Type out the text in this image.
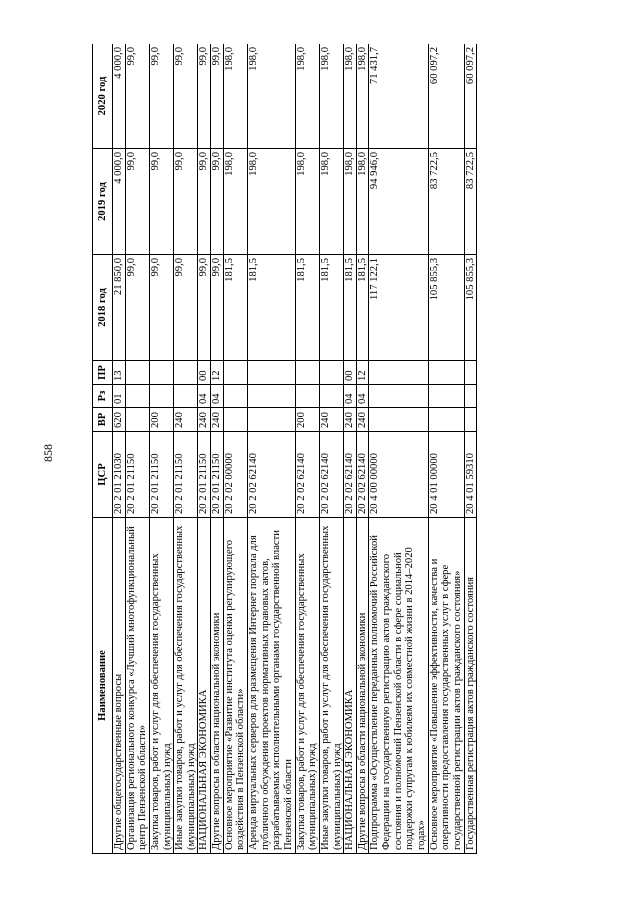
858
Наименование	ЦСР	ВР	Рз	ПР	2018 год	2019 год	2020 год
Другие общегосударственные вопросы	20 2 01 21030	620	01	13	21 850,0	4 000,0	4 000,0
Организация регионального конкурса «Лучший многофункциональный центр Пензенской области»	20 2 01 21150				99,0	99,0	99,0
Закупка товаров, работ и услуг для обеспечения государственных (муниципальных) нужд	20 2 01 21150	200			99,0	99,0	99,0
Иные закупки товаров, работ и услуг для обеспечения государственных (муниципальных) нужд	20 2 01 21150	240			99,0	99,0	99,0
НАЦИОНАЛЬНАЯ ЭКОНОМИКА	20 2 01 21150	240	04	00	99,0	99,0	99,0
Другие вопросы в области национальной экономики	20 2 01 21150	240	04	12	99,0	99,0	99,0
Основное мероприятие «Развитие института оценки регулирующего воздействия в Пензенской области»	20 2 02 00000				181,5	198,0	198,0
Аренда виртуальных серверов для размещения Интернет портала для публичного обсуждения проектов нормативных правовых актов, разрабатываемых исполнительными органами государственной власти Пензенской области	20 2 02 62140				181,5	198,0	198,0
Закупка товаров, работ и услуг для обеспечения государственных (муниципальных) нужд	20 2 02 62140	200			181,5	198,0	198,0
Иные закупки товаров, работ и услуг для обеспечения государственных (муниципальных) нужд	20 2 02 62140	240			181,5	198,0	198,0
НАЦИОНАЛЬНАЯ ЭКОНОМИКА	20 2 02 62140	240	04	00	181,5	198,0	198,0
Другие вопросы в области национальной экономики	20 2 02 62140	240	04	12	181,5	198,0	198,0
Подпрограмма «Осуществление переданных полномочий Российской Федерации на государственную регистрацию актов гражданского состояния и полномочий Пензенской области в сфере социальной поддержки супругам к юбилеям их совместной жизни в 2014–2020 годах»	20 4 00 00000				117 122,1	94 946,0	71 431,7
Основное мероприятие «Повышение эффективности, качества и оперативности предоставления государственных услуг в сфере государственной регистрации актов гражданского состояния»	20 4 01 00000				105 855,3	83 722,5	60 097,2
Государственная регистрация актов гражданского состояния	20 4 01 59310				105 855,3	83 722,5	60 097,2
